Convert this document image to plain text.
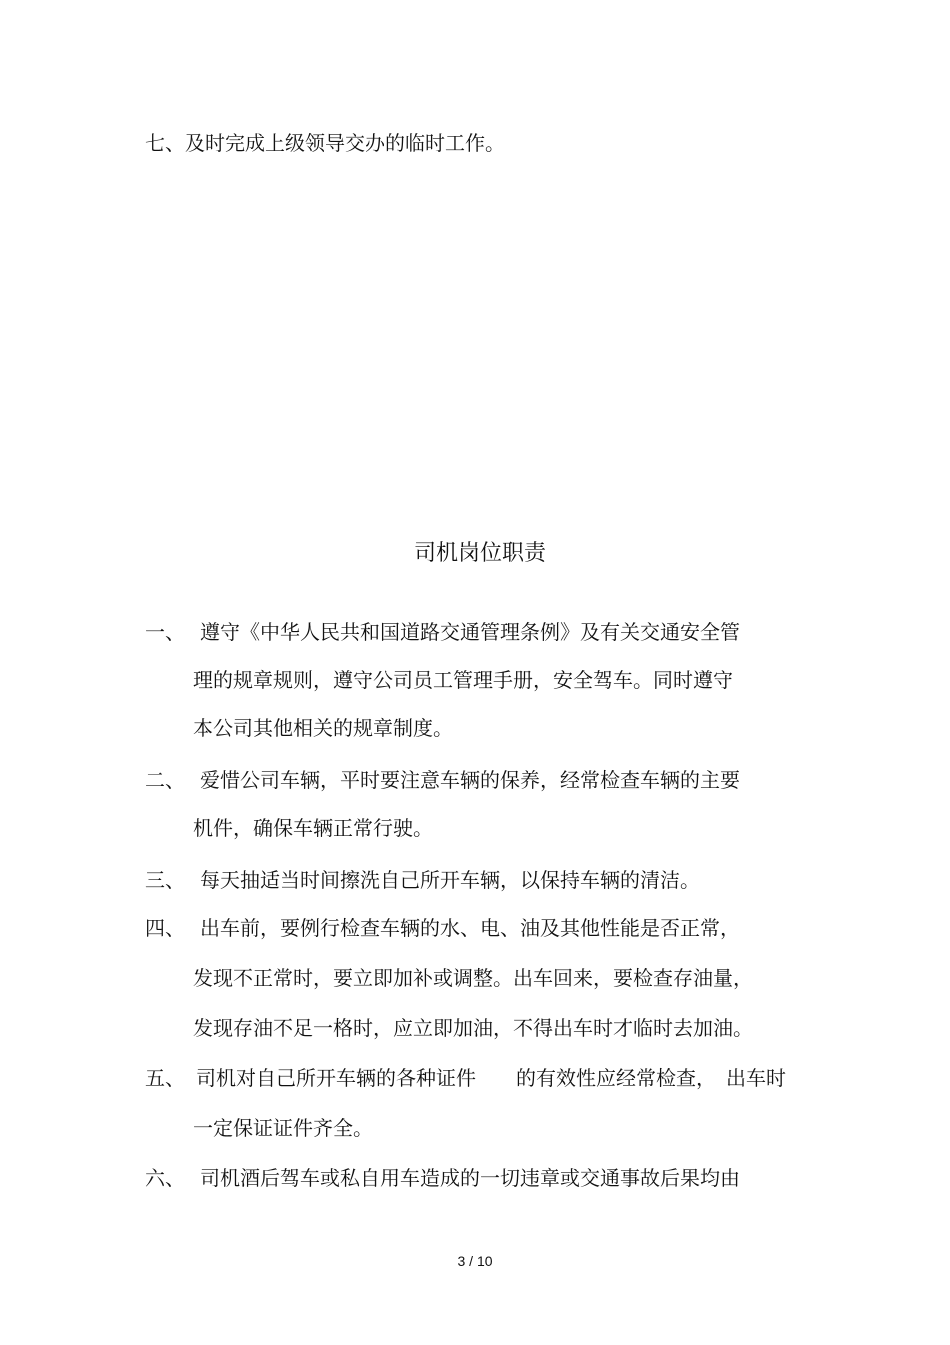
七、及时完成上级领导交办的临时工作。
司机岗位职责
一、 遵守《中华人民共和国道路交通管理条例》及有关交通安全管
理的规章规则，遵守公司员工管理手册，安全驾车。同时遵守
本公司其他相关的规章制度。
二、 爱惜公司车辆，平时要注意车辆的保养，经常检查车辆的主要
机件，确保车辆正常行驶。
三、 每天抽适当时间擦洗自己所开车辆，以保持车辆的清洁。
四、 出车前，要例行检查车辆的水、电、油及其他性能是否正常，
发现不正常时，要立即加补或调整。出车回来，要检查存油量，
发现存油不足一格时，应立即加油，不得出车时才临时去加油。
五、 司机对自己所开车辆的各种证件　　的有效性应经常检查，　出车时
一定保证证件齐全。
六、 司机酒后驾车或私自用车造成的一切违章或交通事故后果均由
3 / 10
